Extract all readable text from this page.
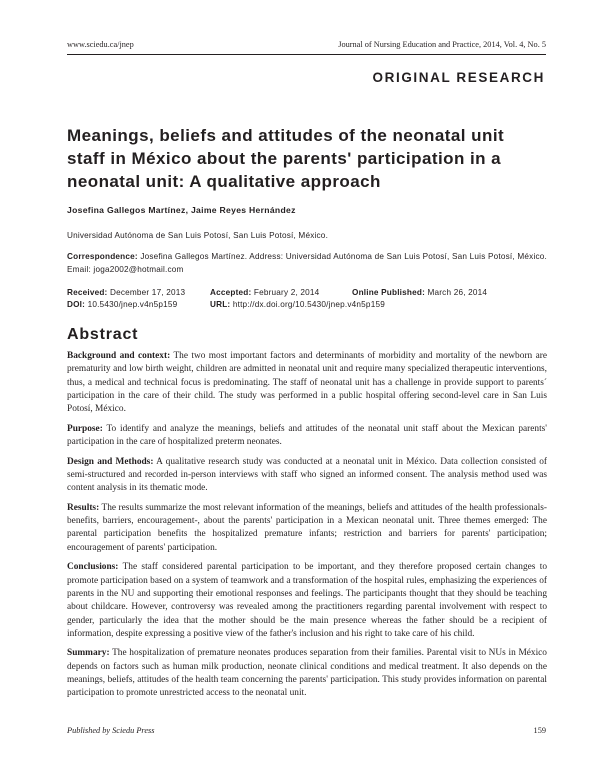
www.sciedu.ca/jnep	Journal of Nursing Education and Practice, 2014, Vol. 4, No. 5
ORIGINAL RESEARCH
Meanings, beliefs and attitudes of the neonatal unit staff in México about the parents' participation in a neonatal unit: A qualitative approach
Josefina Gallegos Martínez, Jaime Reyes Hernández
Universidad Autónoma de San Luis Potosí, San Luis Potosí, México.
Correspondence: Josefina Gallegos Martínez. Address: Universidad Autónoma de San Luis Potosí, San Luis Potosí, México. Email: joga2002@hotmail.com
Received: December 17, 2013	Accepted: February 2, 2014	Online Published: March 26, 2014
DOI: 10.5430/jnep.v4n5p159	URL: http://dx.doi.org/10.5430/jnep.v4n5p159
Abstract

Background and context: The two most important factors and determinants of morbidity and mortality of the newborn are prematurity and low birth weight, children are admitted in neonatal unit and require many specialized therapeutic interventions, thus, a medical and technical focus is predominating. The staff of neonatal unit has a challenge in provide support to parents´ participation in the care of their child. The study was performed in a public hospital offering second-level care in San Luis Potosí, México.

Purpose: To identify and analyze the meanings, beliefs and attitudes of the neonatal unit staff about the Mexican parents' participation in the care of hospitalized preterm neonates.

Design and Methods: A qualitative research study was conducted at a neonatal unit in México. Data collection consisted of semi-structured and recorded in-person interviews with staff who signed an informed consent. The analysis method used was content analysis in its thematic mode.

Results: The results summarize the most relevant information of the meanings, beliefs and attitudes of the health professionals- benefits, barriers, encouragement-, about the parents' participation in a Mexican neonatal unit. Three themes emerged: The parental participation benefits the hospitalized premature infants; restriction and barriers for parents' participation; encouragement of parents' participation.

Conclusions: The staff considered parental participation to be important, and they therefore proposed certain changes to promote participation based on a system of teamwork and a transformation of the hospital rules, emphasizing the experiences of parents in the NU and supporting their emotional responses and feelings. The participants thought that they should be teaching about childcare. However, controversy was revealed among the practitioners regarding parental involvement with respect to gender, particularly the idea that the mother should be the main presence whereas the father should be a recipient of information, despite expressing a positive view of the father's inclusion and his right to take care of his child.

Summary: The hospitalization of premature neonates produces separation from their families. Parental visit to NUs in México depends on factors such as human milk production, neonate clinical conditions and medical treatment. It also depends on the meanings, beliefs, attitudes of the health team concerning the parents' participation. This study provides information on parental participation to promote unrestricted access to the neonatal unit.

Published by Sciedu Press	159
